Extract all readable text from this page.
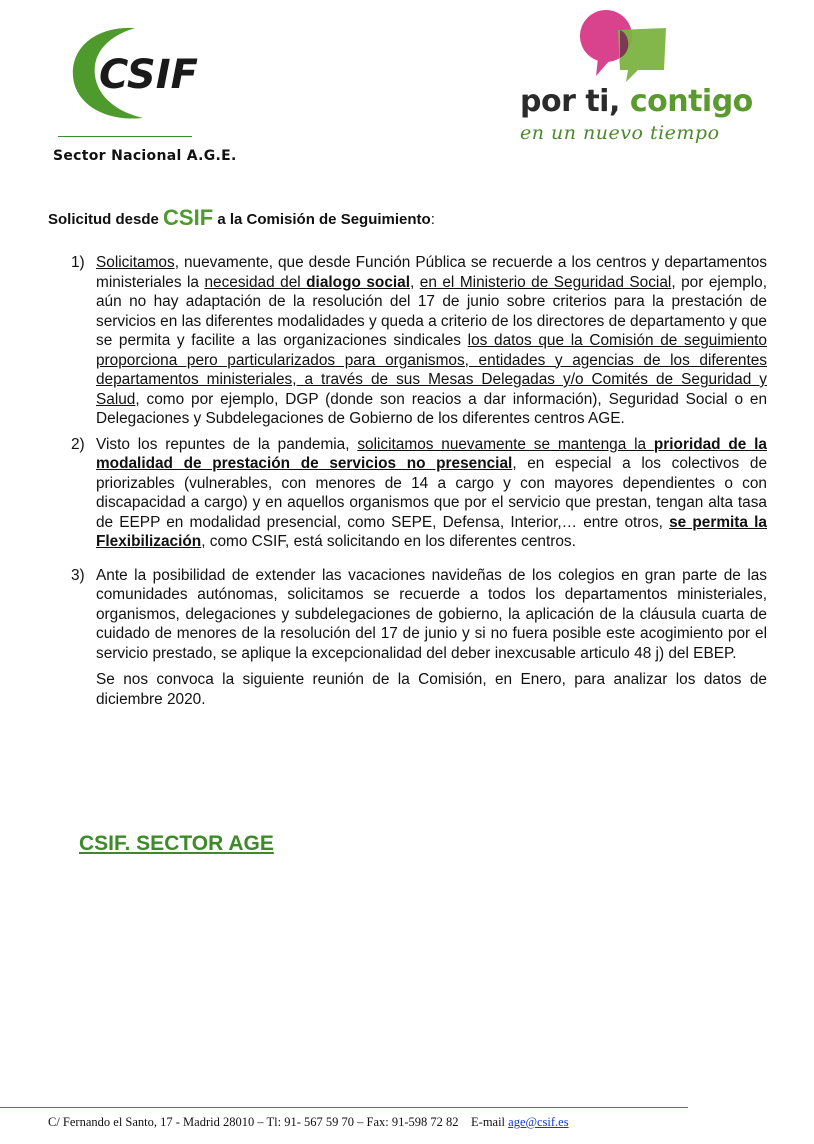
CSIF
Sector Nacional A.G.E.
por ti, contigo
en un nuevo tiempo
Solicitud desde CSIF a la Comisión de Seguimiento:
1) Solicitamos, nuevamente, que desde Función Pública se recuerde a los centros y departamentos ministeriales la necesidad del dialogo social, en el Ministerio de Seguridad Social, por ejemplo, aún no hay adaptación de la resolución del 17 de junio sobre criterios para la prestación de servicios en las diferentes modalidades y queda a criterio de los directores de departamento y que se permita y facilite a las organizaciones sindicales los datos que la Comisión de seguimiento proporciona pero particularizados para organismos, entidades y agencias de los diferentes departamentos ministeriales, a través de sus Mesas Delegadas y/o Comités de Seguridad y Salud, como por ejemplo, DGP (donde son reacios a dar información), Seguridad Social o en Delegaciones y Subdelegaciones de Gobierno de los diferentes centros AGE.
2) Visto los repuntes de la pandemia, solicitamos nuevamente se mantenga la prioridad de la modalidad de prestación de servicios no presencial, en especial a los colectivos de priorizables (vulnerables, con menores de 14 a cargo y con mayores dependientes o con discapacidad a cargo) y en aquellos organismos que por el servicio que prestan, tengan alta tasa de EEPP en modalidad presencial, como SEPE, Defensa, Interior,… entre otros, se permita la Flexibilización, como CSIF, está solicitando en los diferentes centros.
3) Ante la posibilidad de extender las vacaciones navideñas de los colegios en gran parte de las comunidades autónomas, solicitamos se recuerde a todos los departamentos ministeriales, organismos, delegaciones y subdelegaciones de gobierno, la aplicación de la cláusula cuarta de cuidado de menores de la resolución del 17 de junio y si no fuera posible este acogimiento por el servicio prestado, se aplique la excepcionalidad del deber inexcusable articulo 48 j) del EBEP.
Se nos convoca la siguiente reunión de la Comisión, en Enero, para analizar los datos de diciembre 2020.
CSIF. SECTOR AGE
C/ Fernando el Santo, 17 - Madrid 28010 – Tl: 91- 567 59 70 – Fax: 91-598 72 82 E-mail age@csif.es
